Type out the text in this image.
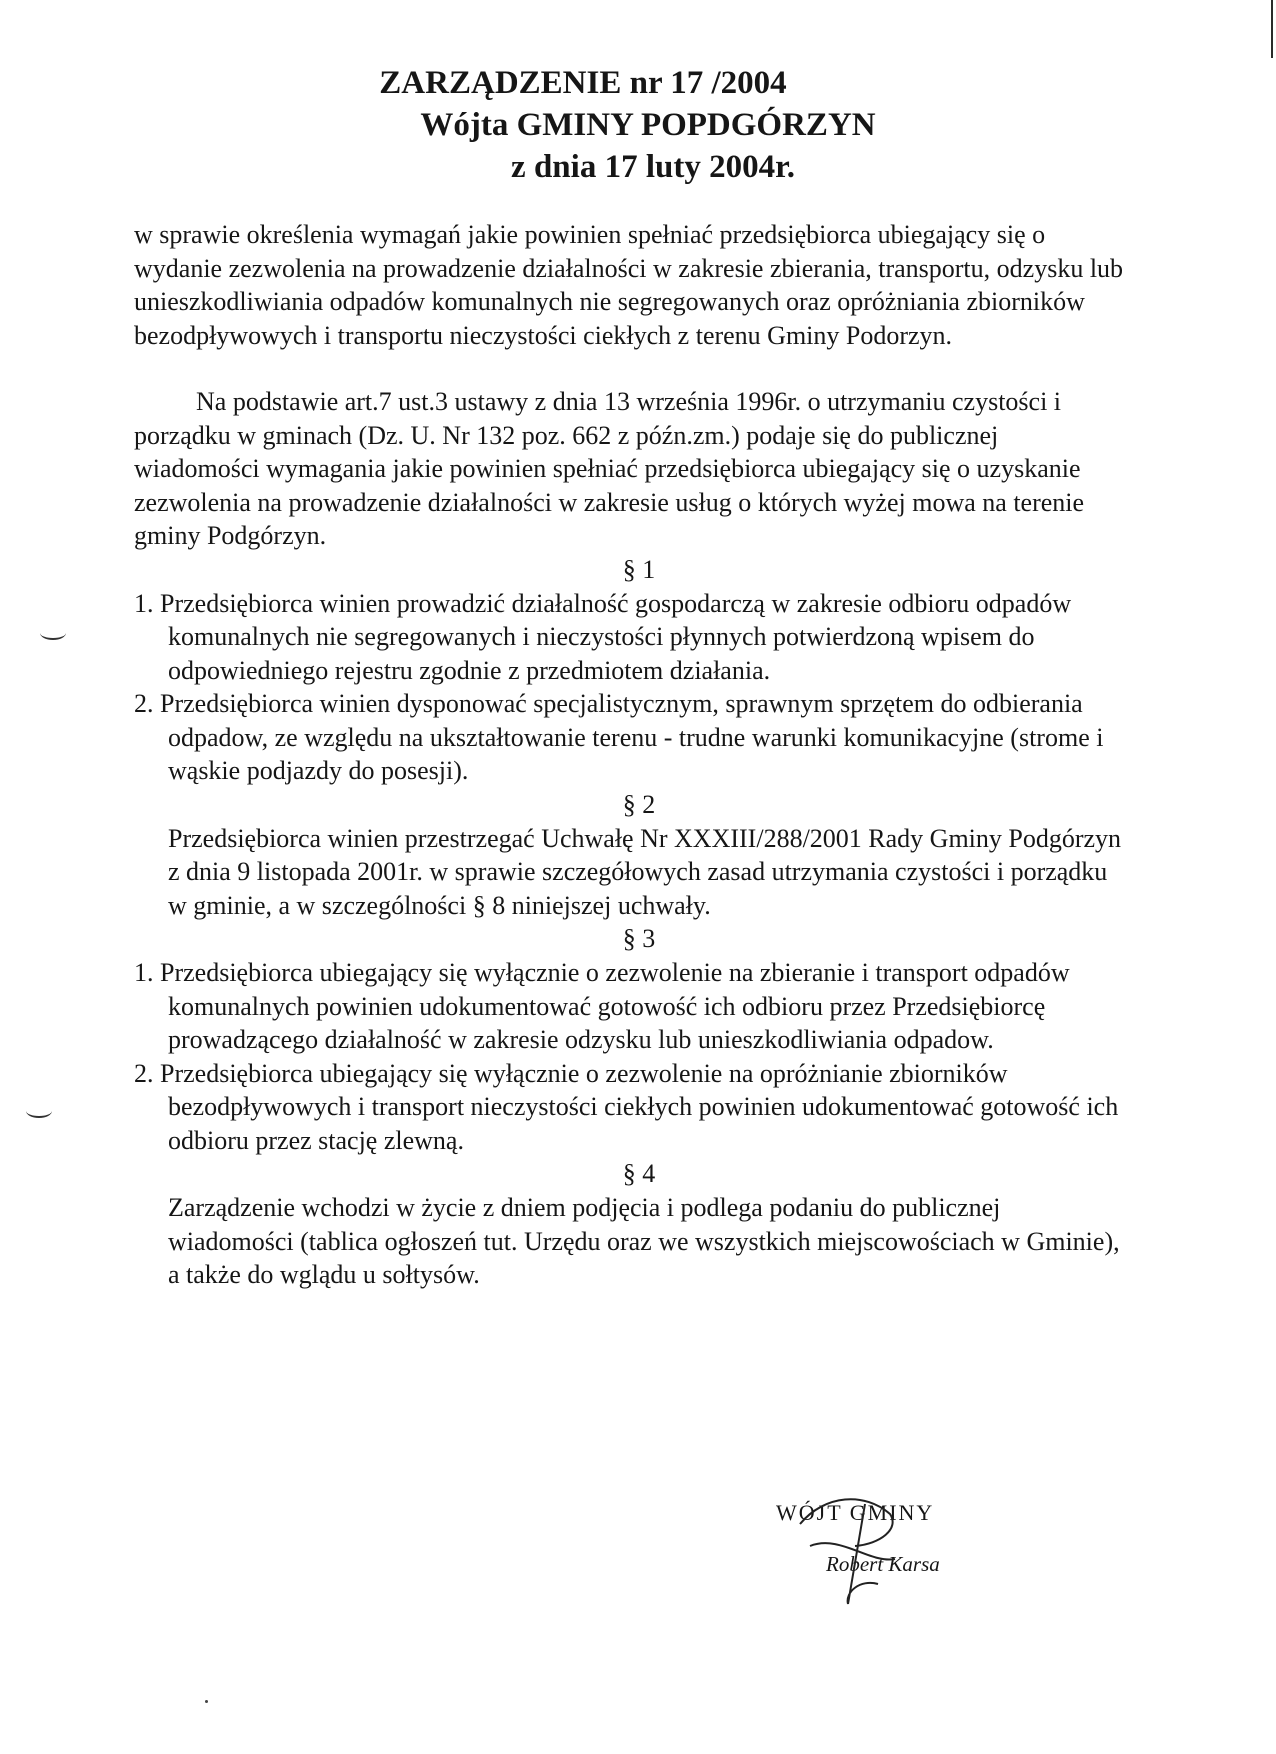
ZARZĄDZENIE nr 17 /2004
Wójta GMINY POPDGÓRZYN
z dnia 17 luty 2004r.

w sprawie określenia wymagań jakie powinien spełniać przedsiębiorca ubiegający się o wydanie zezwolenia na prowadzenie działalności w zakresie zbierania, transportu, odzysku lub unieszkodliwiania odpadów komunalnych nie segregowanych oraz opróżniania zbiorników bezodpływowych i transportu nieczystości ciekłych z terenu Gminy Podorzyn.

Na podstawie art.7 ust.3 ustawy z dnia 13 września 1996r. o utrzymaniu czystości i porządku w gminach (Dz. U. Nr 132 poz. 662 z późn.zm.) podaje się do publicznej wiadomości wymagania jakie powinien spełniać przedsiębiorca ubiegający się o uzyskanie zezwolenia na prowadzenie działalności w zakresie usług o których wyżej mowa na terenie gminy Podgórzyn.

§ 1

1. Przedsiębiorca winien prowadzić działalność gospodarczą w zakresie odbioru odpadów komunalnych nie segregowanych i nieczystości płynnych potwierdzoną wpisem do odpowiedniego rejestru zgodnie z przedmiotem działania.

2. Przedsiębiorca winien dysponować specjalistycznym, sprawnym sprzętem do odbierania odpadow, ze względu na ukształtowanie terenu - trudne warunki komunikacyjne (strome i wąskie podjazdy do posesji).

§ 2

Przedsiębiorca winien przestrzegać Uchwałę Nr XXXIII/288/2001 Rady Gminy Podgórzyn z dnia 9 listopada 2001r. w sprawie szczegółowych zasad utrzymania czystości i porządku w gminie, a w szczególności § 8 niniejszej uchwały.

§ 3

1. Przedsiębiorca ubiegający się wyłącznie o zezwolenie na zbieranie i transport odpadów komunalnych powinien udokumentować gotowość ich odbioru przez Przedsiębiorcę prowadzącego działalność w zakresie odzysku lub unieszkodliwiania odpadow.

2. Przedsiębiorca ubiegający się wyłącznie o zezwolenie na opróżnianie zbiorników bezodpływowych i transport nieczystości ciekłych powinien udokumentować gotowość ich odbioru przez stację zlewną.

§ 4

Zarządzenie wchodzi w życie z dniem podjęcia i podlega podaniu do publicznej wiadomości (tablica ogłoszeń tut. Urzędu oraz we wszystkich miejscowościach w Gminie), a także do wglądu u sołtysów.

WÓJT GMINY
Robert Karsa
